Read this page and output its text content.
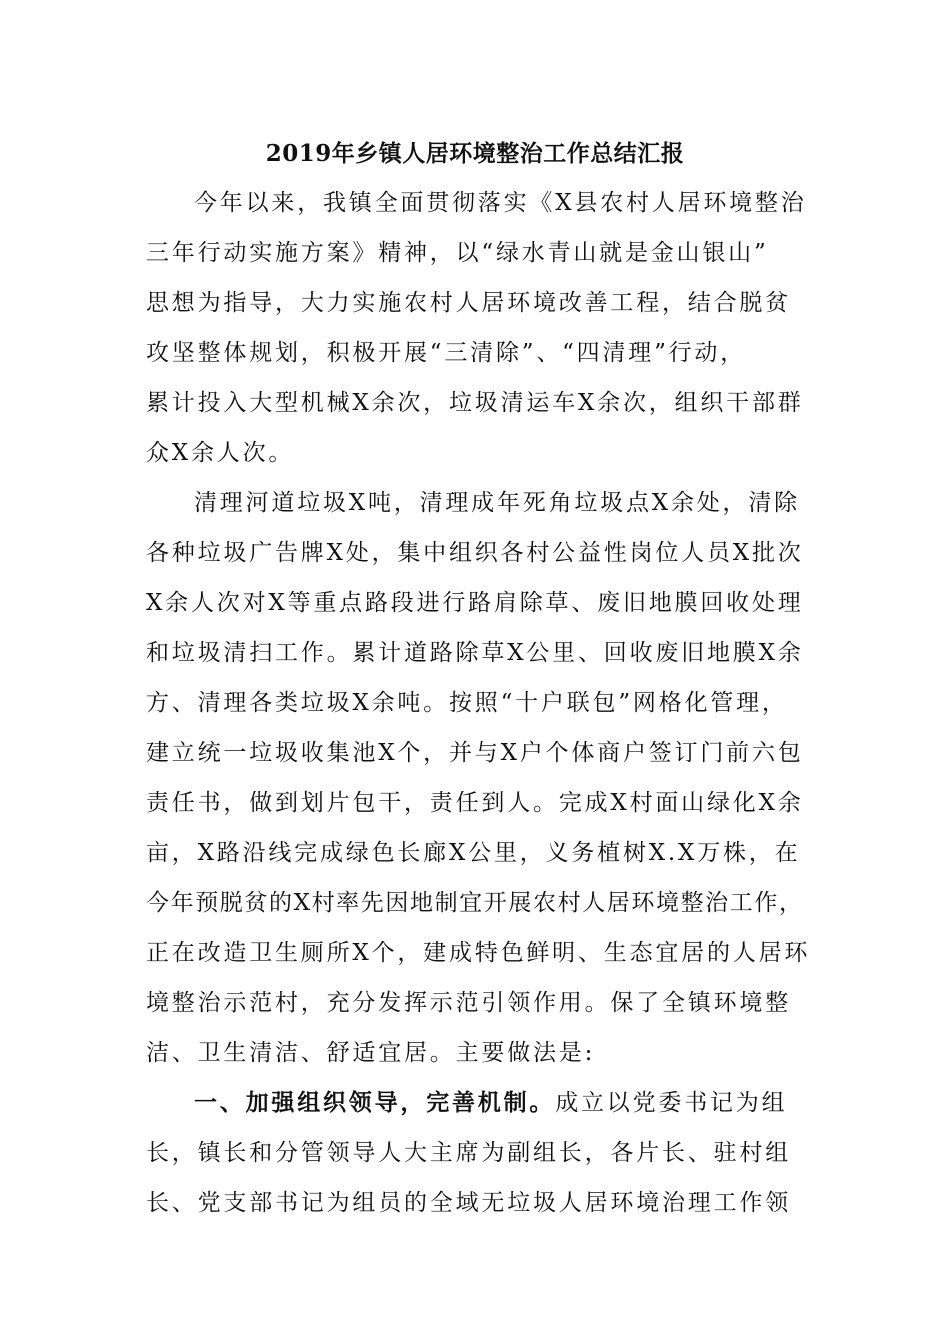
2019年乡镇人居环境整治工作总结汇报
今年以来，我镇全面贯彻落实《X县农村人居环境整治
三年行动实施方案》精神，以“绿水青山就是金山银山”
思想为指导，大力实施农村人居环境改善工程，结合脱贫
攻坚整体规划，积极开展“三清除”、“四清理”行动，
累计投入大型机械X余次，垃圾清运车X余次，组织干部群
众X余人次。
清理河道垃圾X吨，清理成年死角垃圾点X余处，清除
各种垃圾广告牌X处，集中组织各村公益性岗位人员X批次
X余人次对X等重点路段进行路肩除草、废旧地膜回收处理
和垃圾清扫工作。累计道路除草X公里、回收废旧地膜X余
方、清理各类垃圾X余吨。按照“十户联包”网格化管理，
建立统一垃圾收集池X个，并与X户个体商户签订门前六包
责任书，做到划片包干，责任到人。完成X村面山绿化X余
亩，X路沿线完成绿色长廊X公里，义务植树X.X万株，在
今年预脱贫的X村率先因地制宜开展农村人居环境整治工作，
正在改造卫生厕所X个，建成特色鲜明、生态宜居的人居环
境整治示范村，充分发挥示范引领作用。保了全镇环境整
洁、卫生清洁、舒适宜居。主要做法是:
一、加强组织领导，完善机制。成立以党委书记为组
长，镇长和分管领导人大主席为副组长，各片长、驻村组
长、党支部书记为组员的全域无垃圾人居环境治理工作领
